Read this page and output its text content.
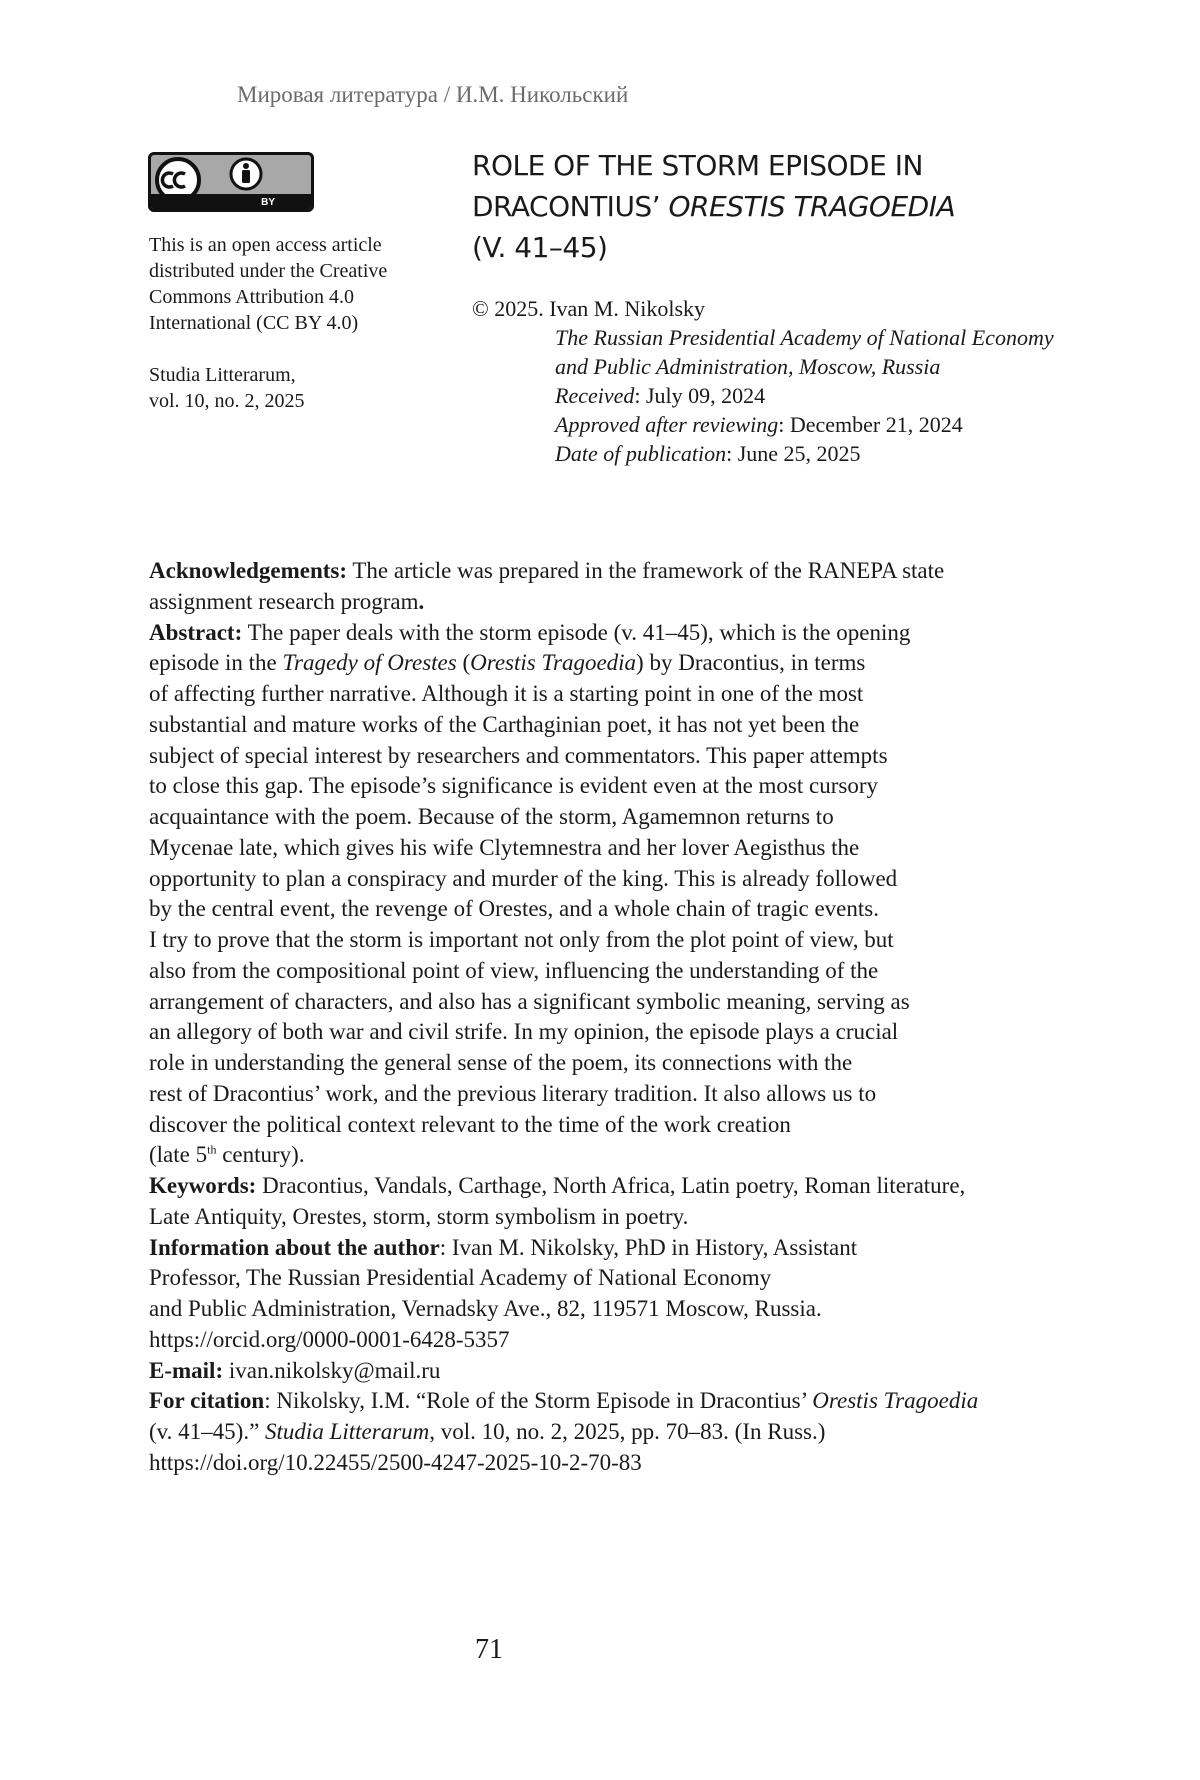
Мировая литература / И.М. Никольский
BY

This is an open access article

distributed under the Creative

Commons Attribution 4.0

International (CC BY 4.0)

Studia Litterarum,

vol. 10, no. 2, 2025

ROLE OF THE STORM EPISODE IN
DRACONTIUS’ ORESTIS TRAGOEDIA
(V. 41–45)

© 2025. Ivan M. Nikolsky

The Russian Presidential Academy of National Economy

and Public Administration, Moscow, Russia

Received: July 09, 2024

Approved after reviewing: December 21, 2024

Date of publication: June 25, 2025

Acknowledgements: The article was prepared in the framework of the RANEPA state
assignment research program.

Abstract: The paper deals with the storm episode (v. 41–45), which is the opening
episode in the Tragedy of Orestes (Orestis Tragoedia) by Dracontius, in terms
of affecting further narrative. Although it is a starting point in one of the most
substantial and mature works of the Carthaginian poet, it has not yet been the
subject of special interest by researchers and commentators. This paper attempts
to close this gap. The episode’s significance is evident even at the most cursory
acquaintance with the poem. Because of the storm, Agamemnon returns to
Mycenae late, which gives his wife Clytemnestra and her lover Aegisthus the
opportunity to plan a conspiracy and murder of the king. This is already followed
by the central event, the revenge of Orestes, and a whole chain of tragic events.
I try to prove that the storm is important not only from the plot point of view, but
also from the compositional point of view, influencing the understanding of the
arrangement of characters, and also has a significant symbolic meaning, serving as
an allegory of both war and civil strife. In my opinion, the episode plays a crucial
role in understanding the general sense of the poem, its connections with the
rest of Dracontius’ work, and the previous literary tradition. It also allows us to
discover the political context relevant to the time of the work creation
(late 5th century).

Keywords: Dracontius, Vandals, Carthage, North Africa, Latin poetry, Roman literature,
Late Antiquity, Orestes, storm, storm symbolism in poetry.

Information about the author: Ivan M. Nikolsky, PhD in History, Assistant
Professor, The Russian Presidential Academy of National Economy
and Public Administration, Vernadsky Ave., 82, 119571 Moscow, Russia.
https://orcid.org/0000-0001-6428-5357

E-mail: ivan.nikolsky@mail.ru

For citation: Nikolsky, I.M. “Role of the Storm Episode in Dracontius’ Orestis Tragoedia
(v. 41–45).” Studia Litterarum, vol. 10, no. 2, 2025, pp. 70–83. (In Russ.)
https://doi.org/10.22455/2500-4247-2025-10-2-70-83

71
